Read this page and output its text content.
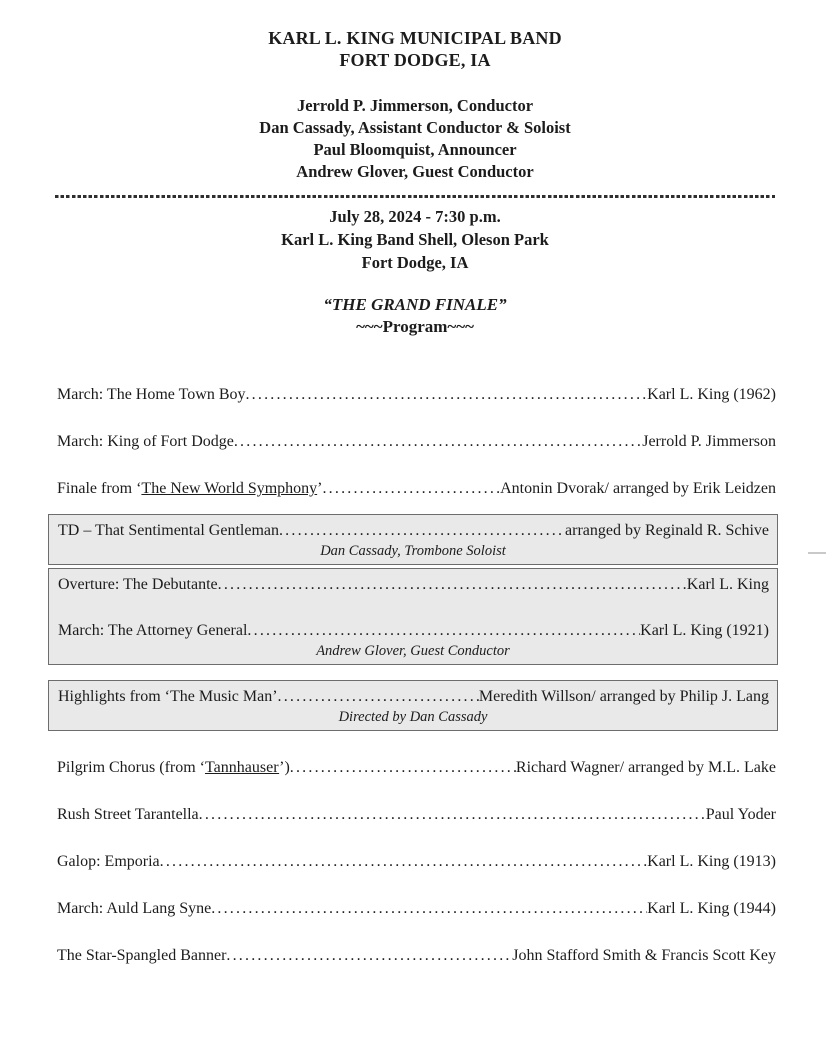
KARL L. KING MUNICIPAL BAND
FORT DODGE, IA
Jerrold P. Jimmerson, Conductor
Dan Cassady, Assistant Conductor & Soloist
Paul Bloomquist, Announcer
Andrew Glover, Guest Conductor
July 28, 2024 - 7:30 p.m.
Karl L. King Band Shell, Oleson Park
Fort Dodge, IA
“THE GRAND FINALE”
~~~Program~~~
March: The Home Town Boy .....	Karl L. King (1962)
March: King of Fort Dodge .....	Jerrold P. Jimmerson
Finale from ‘The New World Symphony’ .....	Antonin Dvorak/ arranged by Erik Leidzen
TD – That Sentimental Gentleman .....	arranged by Reginald R. Schive
Dan Cassady, Trombone Soloist
Overture: The Debutante .....	Karl L. King
March: The Attorney General .....	Karl L. King (1921)
Andrew Glover, Guest Conductor
Highlights from ‘The Music Man’ .....	Meredith Willson/ arranged by Philip J. Lang
Directed by Dan Cassady
Pilgrim Chorus (from ‘Tannhauser’) .....	Richard Wagner/ arranged by M.L. Lake
Rush Street Tarantella .....	Paul Yoder
Galop: Emporia .....	Karl L. King (1913)
March: Auld Lang Syne .....	Karl L. King (1944)
The Star-Spangled Banner .....	John Stafford Smith & Francis Scott Key
